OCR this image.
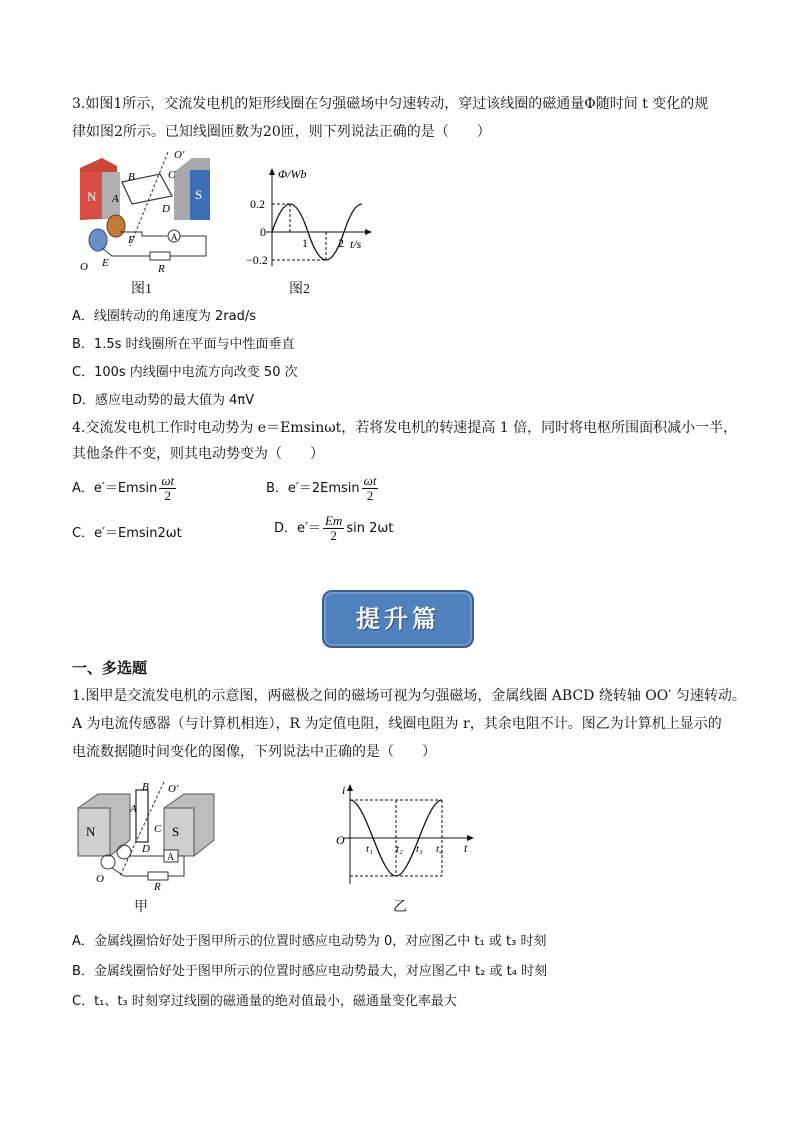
3.如图1所示，交流发电机的矩形线圈在匀强磁场中匀速转动，穿过该线圈的磁通量Φ随时间 t 变化的规
律如图2所示。已知线圈匝数为20匝，则下列说法正确的是（　　）
N	S
B
A
C
D
O′
F
E
O
A
R
图1
Φ/Wb
t/s
0.2
−0.2
0
1	2
图2
A．线圈转动的角速度为 2rad/s
B．1.5s 时线圈所在平面与中性面垂直
C．100s 内线圈中电流方向改变 50 次
D．感应电动势的最大值为 4πV
4.交流发电机工作时电动势为 e＝Emsinωt，若将发电机的转速提高 1 倍，同时将电枢所围面积减小一半，
其他条件不变，则其电动势变为（　　）
A．$e'=Emsin \frac{\omega t}{2}$	B．$e'=2Emsin \frac{\omega t}{2}$
C．e′＝Emsin2ωt	D．$e'= \frac{Em}{2}$ sin 2ωt
提升篇
一、多选题
1.图甲是交流发电机的示意图，两磁极之间的磁场可视为匀强磁场，金属线圈 ABCD 绕转轴 OO′ 匀速转动。
A 为电流传感器（与计算机相连），R 为定值电阻，线圈电阻为 r，其余电阻不计。图乙为计算机上显示的
电流数据随时间变化的图像，下列说法中正确的是（　　）
N	S
B
A
C
D
O′
O
A
R
甲
i
t
O
t₁ t₂ t₃ t₄
乙
A．金属线圈恰好处于图甲所示的位置时感应电动势为 0，对应图乙中 t₁ 或 t₃ 时刻
B．金属线圈恰好处于图甲所示的位置时感应电动势最大，对应图乙中 t₂ 或 t₄ 时刻
C．t₁、t₃ 时刻穿过线圈的磁通量的绝对值最小，磁通量变化率最大
